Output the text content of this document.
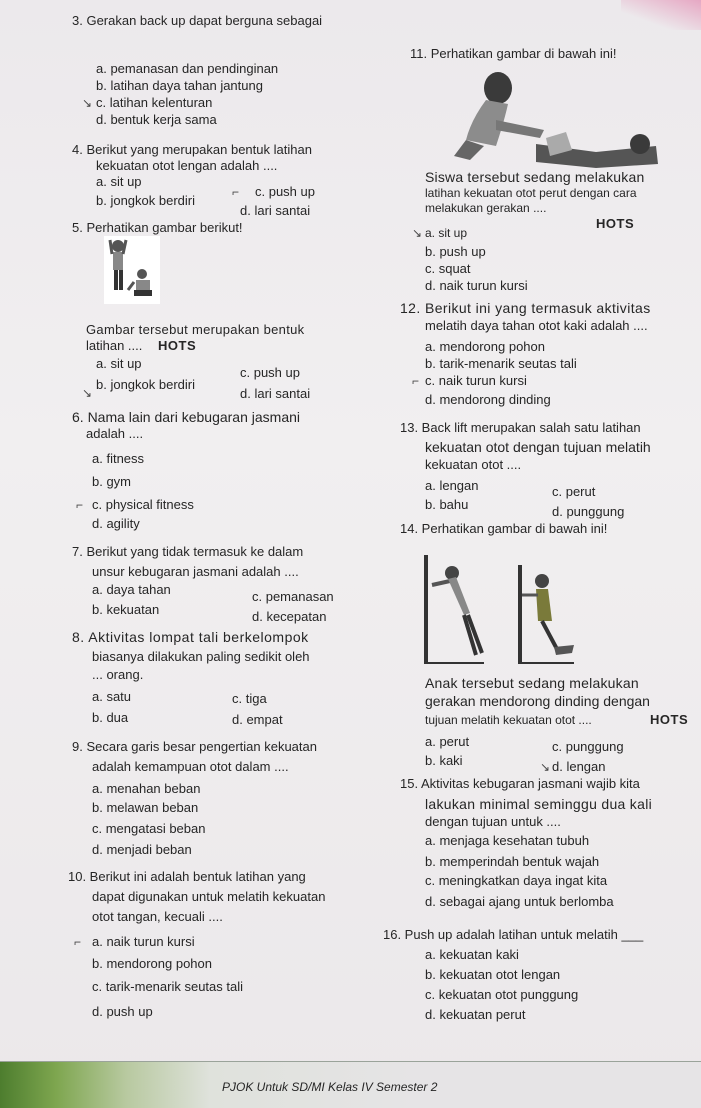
3. Gerakan back up dapat berguna sebagai
a. pemanasan dan pendinginan
b. latihan daya tahan jantung
c. latihan kelenturan
d. bentuk kerja sama
4. Berikut yang merupakan bentuk latihan
kekuatan otot lengan adalah ....
a. sit up
c. push up
b. jongkok berdiri
d. lari santai
5. Perhatikan gambar berikut!
Gambar tersebut merupakan bentuk
latihan .... HOTS
a. sit up
c. push up
b. jongkok berdiri
d. lari santai
6. Nama lain dari kebugaran jasmani
adalah ....
a. fitness
b. gym
c. physical fitness
d. agility
7. Berikut yang tidak termasuk ke dalam
unsur kebugaran jasmani adalah ....
a. daya tahan	c. pemanasan
b. kekuatan	d. kecepatan
8. Aktivitas lompat tali berkelompok
biasanya dilakukan paling sedikit oleh
... orang.
a. satu	c. tiga
b. dua	d. empat
9. Secara garis besar pengertian kekuatan
adalah kemampuan otot dalam ....
a. menahan beban
b. melawan beban
c. mengatasi beban
d. menjadi beban
10. Berikut ini adalah bentuk latihan yang
dapat digunakan untuk melatih kekuatan
otot tangan, kecuali ....
a. naik turun kursi
b. mendorong pohon
c. tarik-menarik seutas tali
d. push up
11. Perhatikan gambar di bawah ini!
Siswa tersebut sedang melakukan
latihan kekuatan otot perut dengan cara
melakukan gerakan ....
HOTS
a. sit up
b. push up
c. squat
d. naik turun kursi
12. Berikut ini yang termasuk aktivitas
melatih daya tahan otot kaki adalah ....
a. mendorong pohon
b. tarik-menarik seutas tali
c. naik turun kursi
d. mendorong dinding
13. Back lift merupakan salah satu latihan
kekuatan otot dengan tujuan melatih
kekuatan otot ....
a. lengan	c. perut
b. bahu	d. punggung
14. Perhatikan gambar di bawah ini!
Anak tersebut sedang melakukan
gerakan mendorong dinding dengan
tujuan melatih kekuatan otot ....	HOTS
a. perut	c. punggung
b. kaki	d. lengan
15. Aktivitas kebugaran jasmani wajib kita
lakukan minimal seminggu dua kali
dengan tujuan untuk ....
a. menjaga kesehatan tubuh
b. memperindah bentuk wajah
c. meningkatkan daya ingat kita
d. sebagai ajang untuk berlomba
16. Push up adalah latihan untuk melatih ___
a. kekuatan kaki
b. kekuatan otot lengan
c. kekuatan otot punggung
d. kekuatan perut
↘
⌐
↘
⌐
⌐
↘
⌐
↘
PJOK Untuk SD/MI Kelas IV Semester 2
